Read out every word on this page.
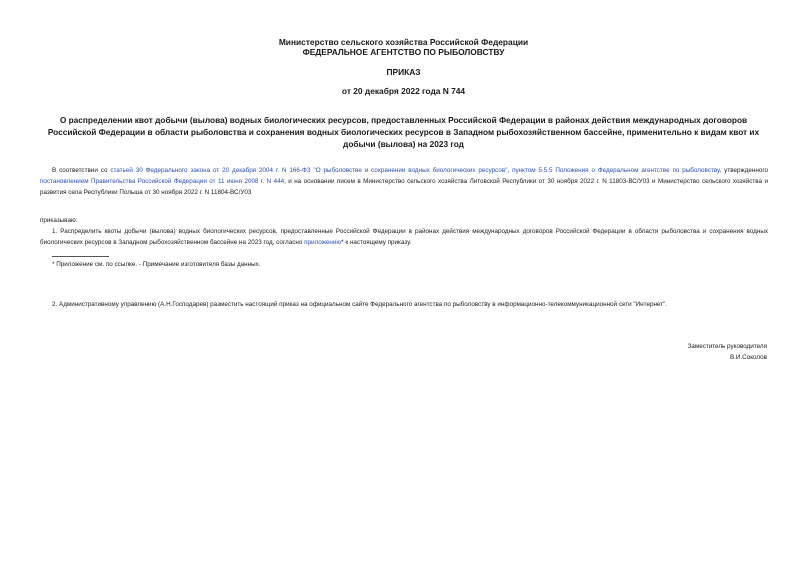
Министерство сельского хозяйства Российской Федерации

ФЕДЕРАЛЬНОЕ АГЕНТСТВО ПО РЫБОЛОВСТВУ

ПРИКАЗ

от 20 декабря 2022 года N 744

О распределении квот добычи (вылова) водных биологических ресурсов, предоставленных Российской Федерации в районах действия международных договоров Российской Федерации в области рыболовства и сохранения водных биологических ресурсов в Западном рыбохозяйственном бассейне, применительно к видам квот их добычи (вылова) на 2023 год

В соответствии со статьей 30 Федерального закона от 20 декабря 2004 г. N 166-ФЗ "О рыболовстве и сохранении водных биологических ресурсов", пунктом 5.5.5 Положения о Федеральном агентстве по рыболовству, утвержденного постановлением Правительства Российской Федерации от 11 июня 2008 г. N 444, и на основании писем в Министерство сельского хозяйства Литовской Республики от 30 ноября 2022 г. N 11803-ВС/У03 и Министерство сельского хозяйства и развития села Республики Польша от 30 ноября 2022 г. N 11804-ВС/У03

приказываю:

1. Распределить квоты добычи (вылова) водных биологических ресурсов, предоставленные Российской Федерации в районах действия международных договоров Российской Федерации в области рыболовства и сохранения водных биологических ресурсов в Западном рыбохозяйственном бассейне на 2023 год, согласно приложению* к настоящему приказу.

* Приложение см. по ссылке. - Примечание изготовителя базы данных.

2. Административному управлению (А.Н.Господарев) разместить настоящий приказ на официальном сайте Федерального агентства по рыболовству в информационно-телекоммуникационной сети "Интернет".

Заместитель руководителя

В.И.Соколов
